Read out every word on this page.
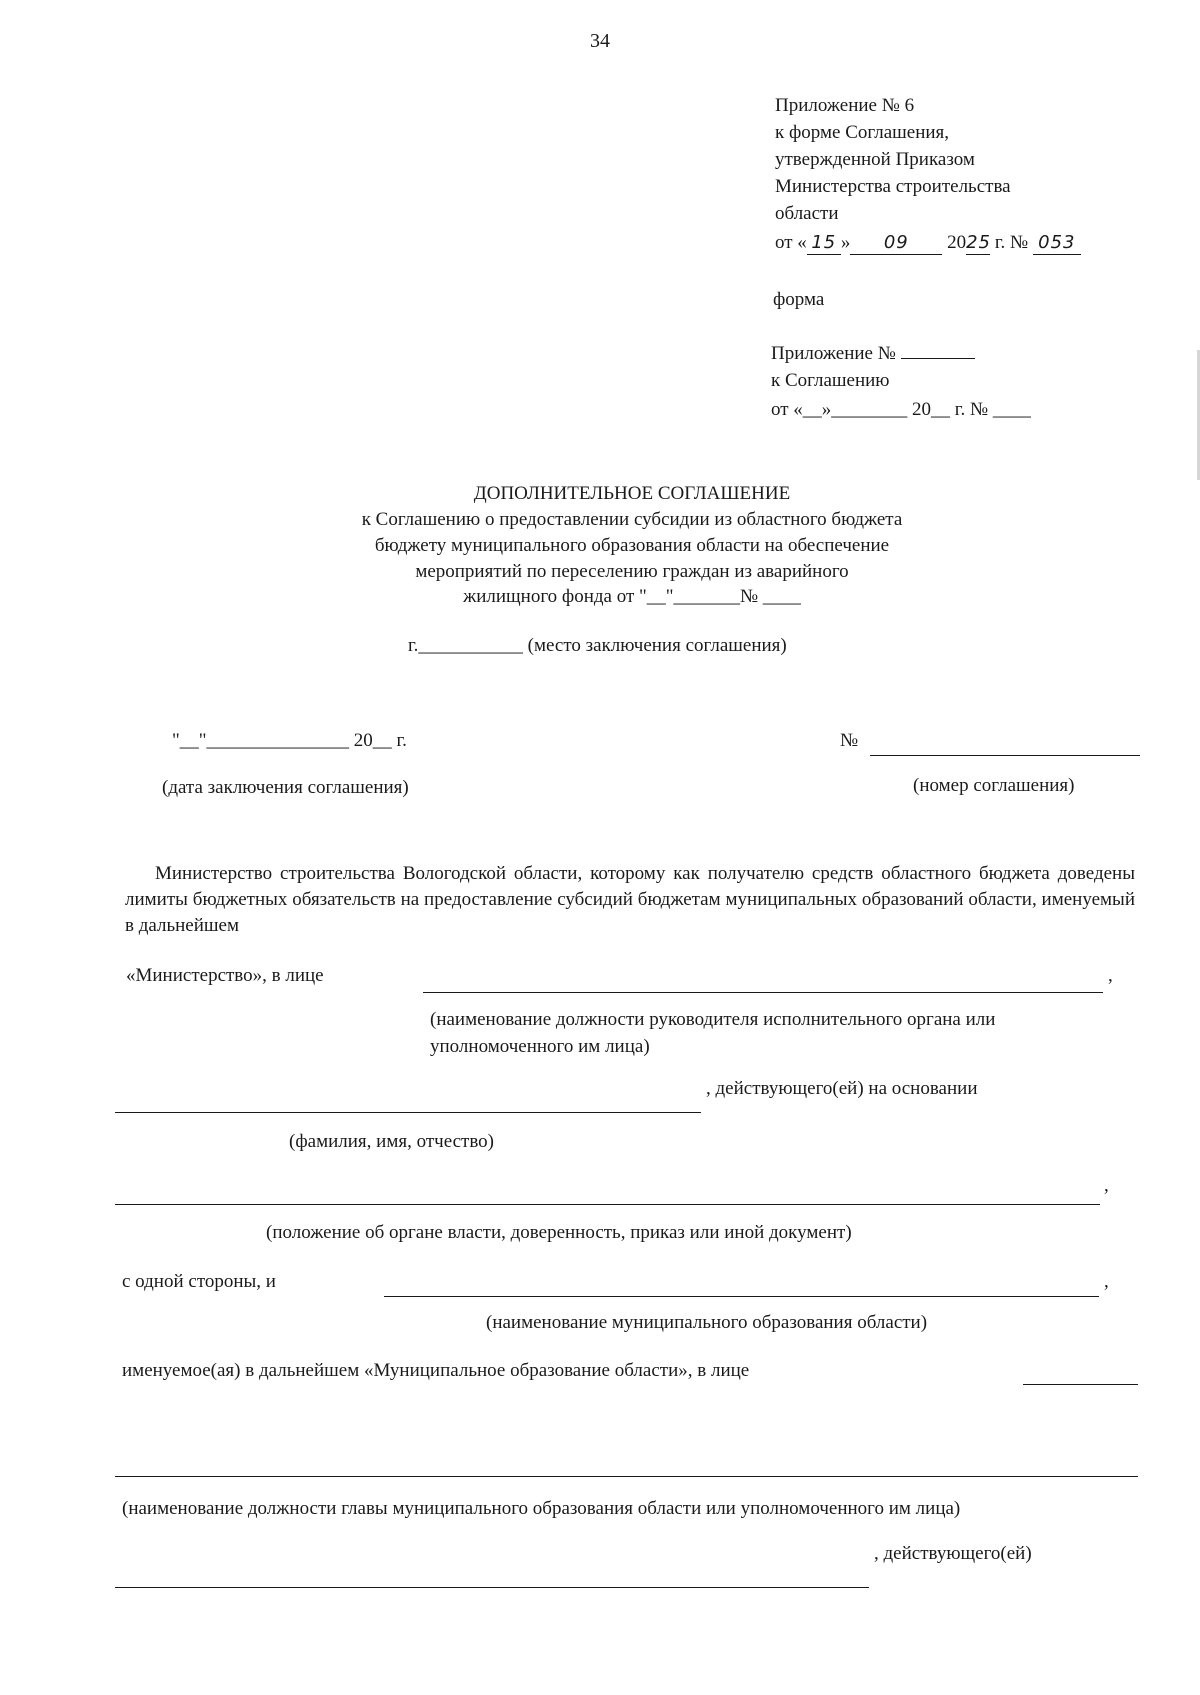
34
Приложение № 6
к форме Соглашения,
утвержденной Приказом
Министерства строительства
области
от « 15 » 09 2025 г. № 053
форма
Приложение №
к Соглашению
от «__»________ 20__ г. № ____
ДОПОЛНИТЕЛЬНОЕ СОГЛАШЕНИЕ
к Соглашению о предоставлении субсидии из областного бюджета
бюджету муниципального образования области на обеспечение
мероприятий по переселению граждан из аварийного
жилищного фонда от "__"_______№ ____
г.___________ (место заключения соглашения)
"__"_______________ 20__ г.
(дата заключения соглашения)
№
(номер соглашения)
Министерство строительства Вологодской области, которому как получателю средств областного бюджета доведены лимиты бюджетных обязательств на предоставление субсидий бюджетам муниципальных образований области, именуемый в дальнейшем
«Министерство», в лице	,
(наименование должности руководителя исполнительного органа или
уполномоченного им лица)
, действующего(ей) на основании
(фамилия, имя, отчество)
,
(положение об органе власти, доверенность, приказ или иной документ)
с одной стороны, и	,
(наименование муниципального образования области)
именуемое(ая) в дальнейшем «Муниципальное образование области», в лице
(наименование должности главы муниципального образования области или уполномоченного им лица)
, действующего(ей)
